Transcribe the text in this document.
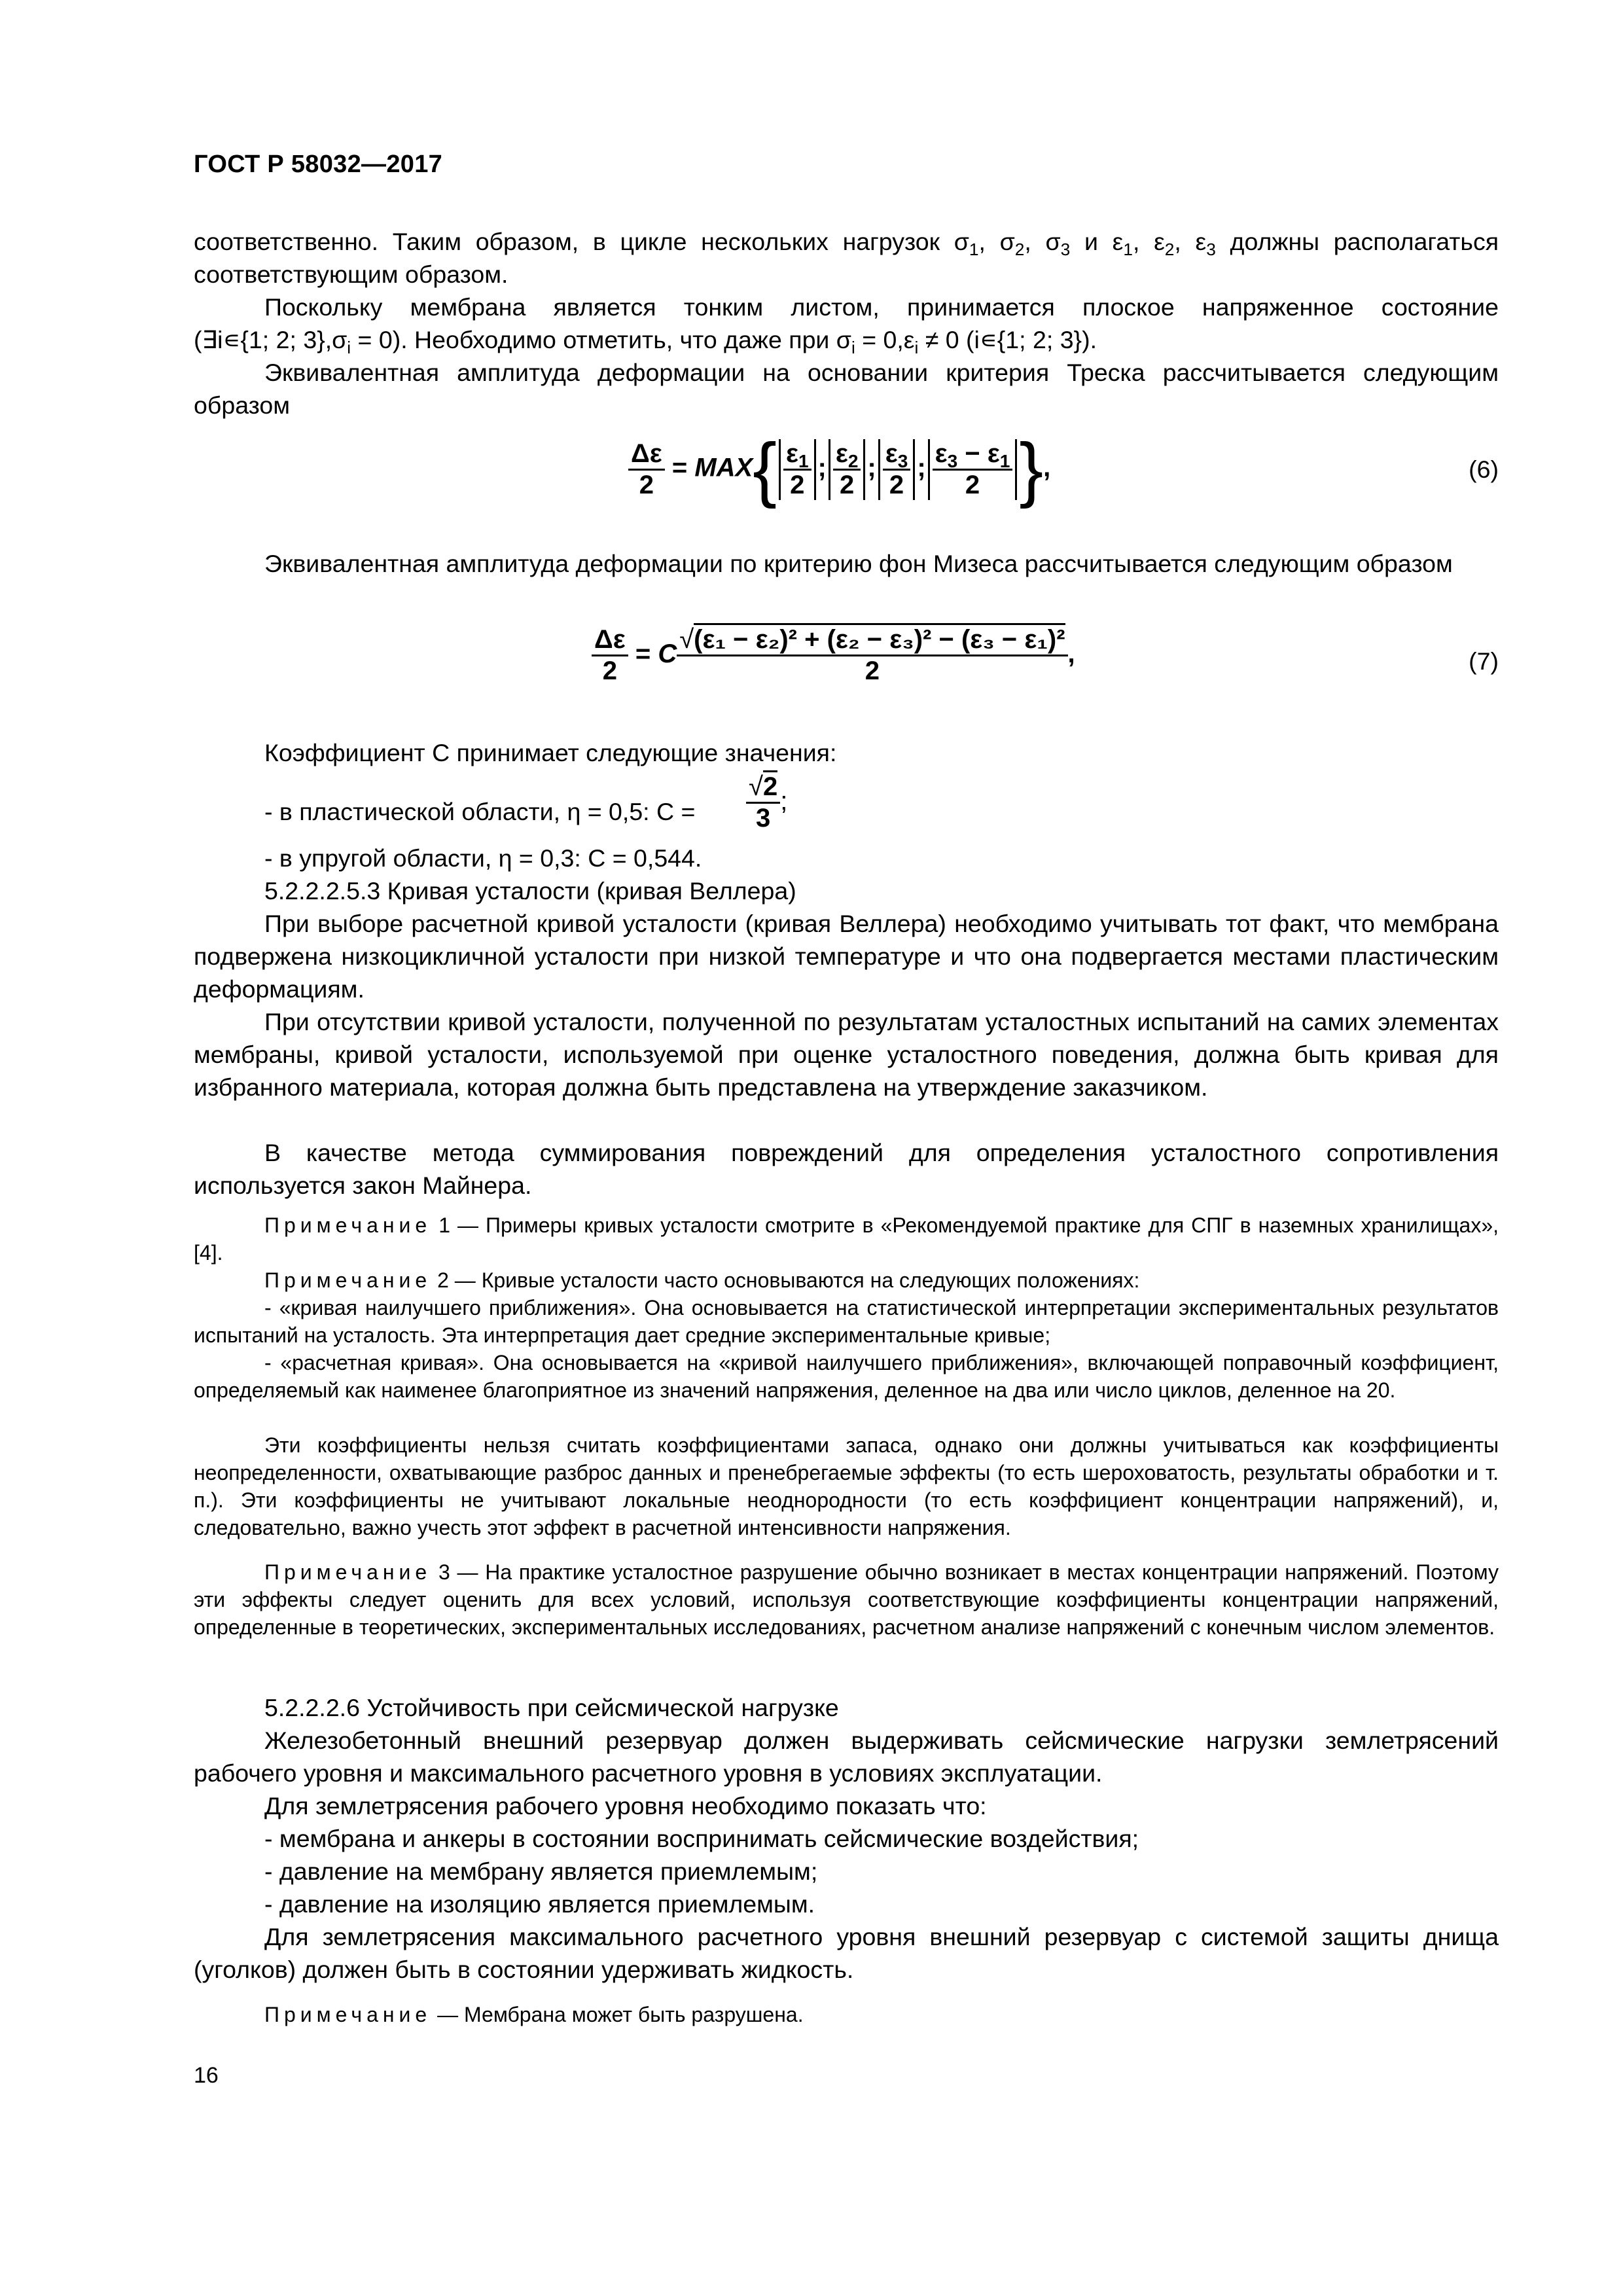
ГОСТ Р 58032—2017
соответственно. Таким образом, в цикле нескольких нагрузок $\sigma_1$, $\sigma_2$, $\sigma_3$ и $\varepsilon_1$, $\varepsilon_2$, $\varepsilon_3$ должны располагаться
соответствующим образом.
Поскольку мембрана является тонким листом, принимается плоское напряженное состояние
(∃i∊{1; 2; $3\},\sigma_i = 0$). Необходимо отметить, что даже при $\sigma_i = 0,\varepsilon_i \ne 0$ (i∊{1; 2; 3}).
Эквивалентная амплитуда деформации на основании критерия Треска рассчитывается следующим образом
$\frac{\Delta\varepsilon}{2} = MAX\{ \frac{\varepsilon_1}{2}$ ; $\frac{\varepsilon_2}{2}$ ; $\frac{\varepsilon_3}{2}$ ; $\frac{\varepsilon_3 - \varepsilon_1}{2}$ },	(6)
Эквивалентная амплитуда деформации по критерию фон Мизеса рассчитывается следующим образом
$\frac{\Delta\varepsilon}{2} = C \frac{\text{√(ε₁ − ε₂)² + (ε₂ − ε₃)² − (ε₃ − ε₁)²}}{2}$ ,	(7)
Коэффициент C принимает следующие значения:
- в пластической области, η = 0,5: $C = \frac{√2}{3}$ ;
- в упругой области, η = 0,3: C = 0,544.
5.2.2.2.5.3 Кривая усталости (кривая Веллера)
При выборе расчетной кривой усталости (кривая Веллера) необходимо учитывать тот факт, что мембрана подвержена низкоцикличной усталости при низкой температуре и что она подвергается местами пластическим деформациям.
При отсутствии кривой усталости, полученной по результатам усталостных испытаний на самих элементах мембраны, кривой усталости, используемой при оценке усталостного поведения, должна быть кривая для избранного материала, которая должна быть представлена на утверждение заказчиком.
В качестве метода суммирования повреждений для определения усталостного сопротивления используется закон Майнера.
Примечание 1 — Примеры кривых усталости смотрите в «Рекомендуемой практике для СПГ в наземных хранилищах», [4].
Примечание 2 — Кривые усталости часто основываются на следующих положениях:
- «кривая наилучшего приближения». Она основывается на статистической интерпретации экспериментальных результатов испытаний на усталость. Эта интерпретация дает средние экспериментальные кривые;
- «расчетная кривая». Она основывается на «кривой наилучшего приближения», включающей поправочный коэффициент, определяемый как наименее благоприятное из значений напряжения, деленное на два или число циклов, деленное на 20.
Эти коэффициенты нельзя считать коэффициентами запаса, однако они должны учитываться как коэффициенты неопределенности, охватывающие разброс данных и пренебрегаемые эффекты (то есть шероховатость, результаты обработки и т. п.). Эти коэффициенты не учитывают локальные неоднородности (то есть коэффициент концентрации напряжений), и, следовательно, важно учесть этот эффект в расчетной интенсивности напряжения.
Примечание 3 — На практике усталостное разрушение обычно возникает в местах концентрации напряжений. Поэтому эти эффекты следует оценить для всех условий, используя соответствующие коэффициенты концентрации напряжений, определенные в теоретических, экспериментальных исследованиях, расчетном анализе напряжений с конечным числом элементов.
5.2.2.2.6 Устойчивость при сейсмической нагрузке
Железобетонный внешний резервуар должен выдерживать сейсмические нагрузки землетрясений рабочего уровня и максимального расчетного уровня в условиях эксплуатации.
Для землетрясения рабочего уровня необходимо показать что:
- мембрана и анкеры в состоянии воспринимать сейсмические воздействия;
- давление на мембрану является приемлемым;
- давление на изоляцию является приемлемым.
Для землетрясения максимального расчетного уровня внешний резервуар с системой защиты днища (уголков) должен быть в состоянии удерживать жидкость.
Примечание — Мембрана может быть разрушена.
16
